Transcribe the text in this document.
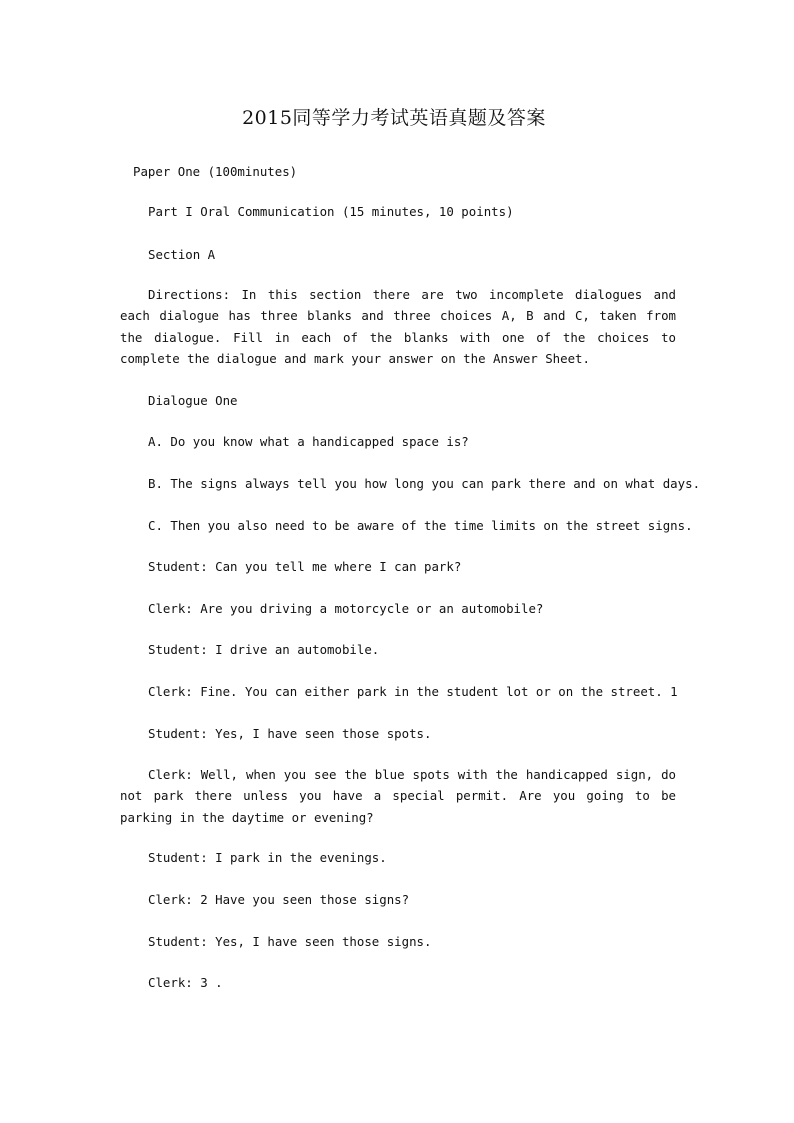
2015同等学力考试英语真题及答案
Paper One (100minutes)
Part I Oral Communication (15 minutes, 10 points)
Section A
Directions: In this section there are two incomplete dialogues and each dialogue has three blanks and three choices A, B and C, taken from the dialogue. Fill in each of the blanks with one of the choices to complete the dialogue and mark your answer on the Answer Sheet.
Dialogue One
A. Do you know what a handicapped space is?
B. The signs always tell you how long you can park there and on what days.
C. Then you also need to be aware of the time limits on the street signs.
Student: Can you tell me where I can park?
Clerk: Are you driving a motorcycle or an automobile?
Student: I drive an automobile.
Clerk: Fine. You can either park in the student lot or on the street. 1
Student: Yes, I have seen those spots.
Clerk: Well, when you see the blue spots with the handicapped sign, do not park there unless you have a special permit. Are you going to be parking in the daytime or evening?
Student: I park in the evenings.
Clerk: 2 Have you seen those signs?
Student: Yes, I have seen those signs.
Clerk: 3 .
